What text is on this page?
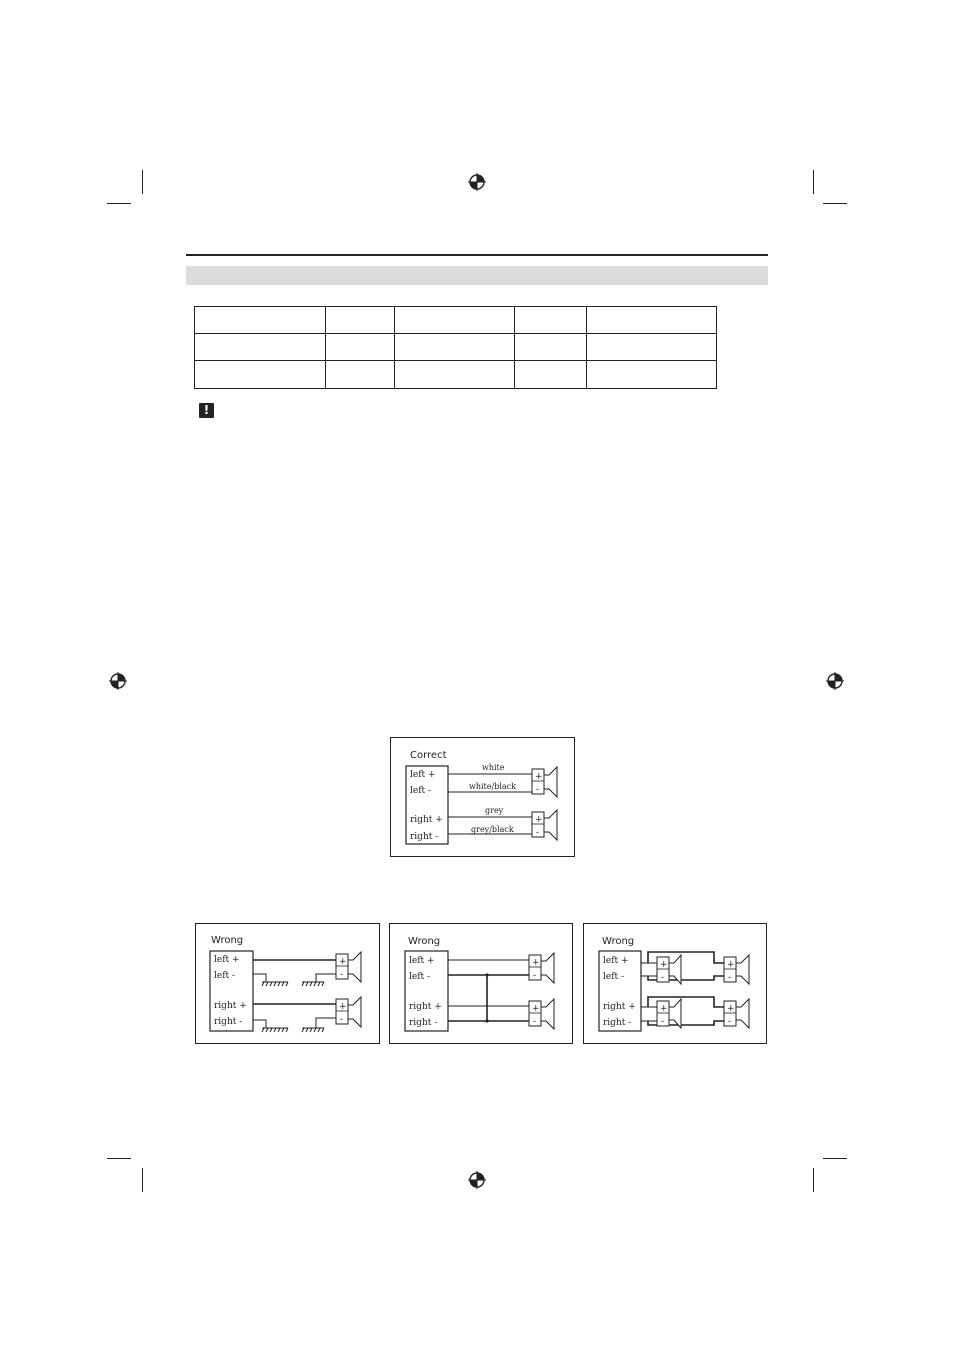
!
Correct
left +
left -
right +
right -
white
white/black
grey
grey/black
+
-
+
-
Wrong
left +
left -
right +
right -
+
-
+
-
Wrong
left +
left -
right +
right -
+
-
+
-
Wrong
left +
left -
right +
right -
+
-
+
-
+
-
+
-
